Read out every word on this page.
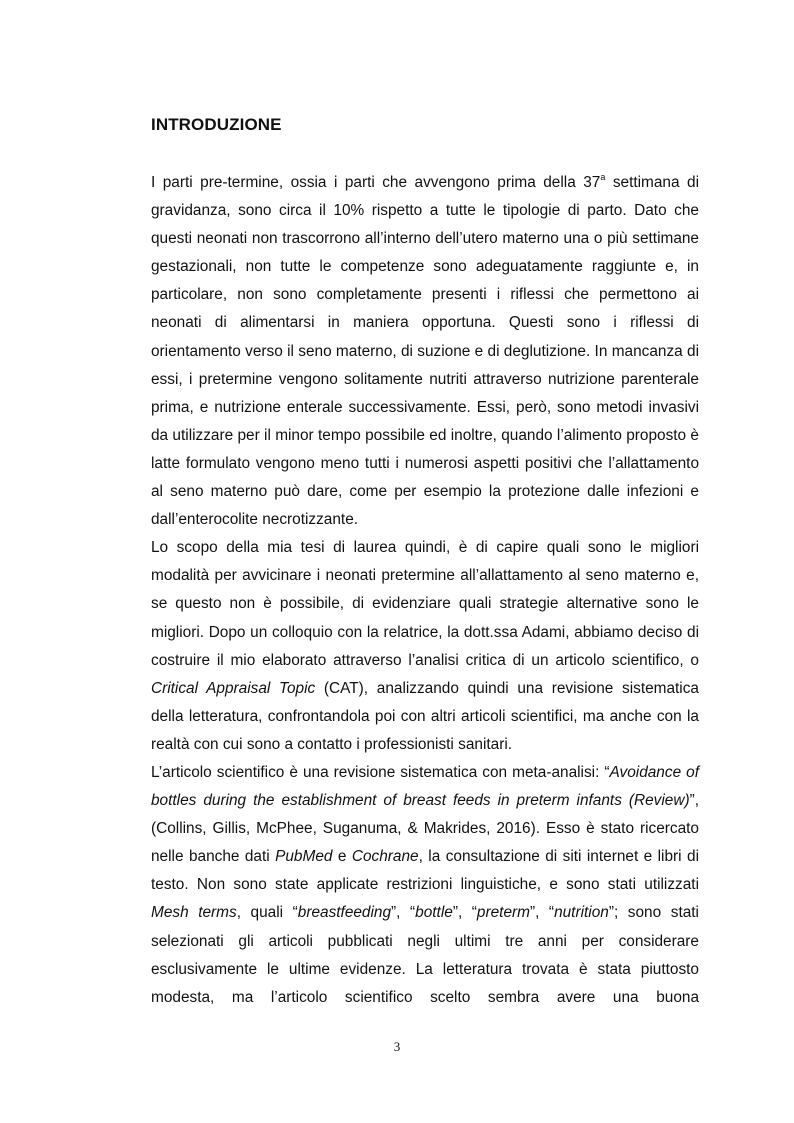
INTRODUZIONE

I parti pre-termine, ossia i parti che avvengono prima della 37$^a$ settimana di gravidanza, sono circa il 10% rispetto a tutte le tipologie di parto. Dato che questi neonati non trascorrono all’interno dell’utero materno una o più settimane gestazionali, non tutte le competenze sono adeguatamente raggiunte e, in particolare, non sono completamente presenti i riflessi che permettono ai neonati di alimentarsi in maniera opportuna. Questi sono i riflessi di orientamento verso il seno materno, di suzione e di deglutizione. In mancanza di essi, i pretermine vengono solitamente nutriti attraverso nutrizione parenterale prima, e nutrizione enterale successivamente. Essi, però, sono metodi invasivi da utilizzare per il minor tempo possibile ed inoltre, quando l’alimento proposto è latte formulato vengono meno tutti i numerosi aspetti positivi che l’allattamento al seno materno può dare, come per esempio la protezione dalle infezioni e dall’enterocolite necrotizzante.

Lo scopo della mia tesi di laurea quindi, è di capire quali sono le migliori modalità per avvicinare i neonati pretermine all’allattamento al seno materno e, se questo non è possibile, di evidenziare quali strategie alternative sono le migliori. Dopo un colloquio con la relatrice, la dott.ssa Adami, abbiamo deciso di costruire il mio elaborato attraverso l’analisi critica di un articolo scientifico, o Critical Appraisal Topic (CAT), analizzando quindi una revisione sistematica della letteratura, confrontandola poi con altri articoli scientifici, ma anche con la realtà con cui sono a contatto i professionisti sanitari.

L’articolo scientifico è una revisione sistematica con meta-analisi: “Avoidance of bottles during the establishment of breast feeds in preterm infants (Review)”, (Collins, Gillis, McPhee, Suganuma, & Makrides, 2016). Esso è stato ricercato nelle banche dati PubMed e Cochrane, la consultazione di siti internet e libri di testo. Non sono state applicate restrizioni linguistiche, e sono stati utilizzati Mesh terms, quali “breastfeeding”, “bottle”, “preterm”, “nutrition”; sono stati selezionati gli articoli pubblicati negli ultimi tre anni per considerare esclusivamente le ultime evidenze. La letteratura trovata è stata piuttosto modesta, ma l’articolo scientifico scelto sembra avere una buona

3
